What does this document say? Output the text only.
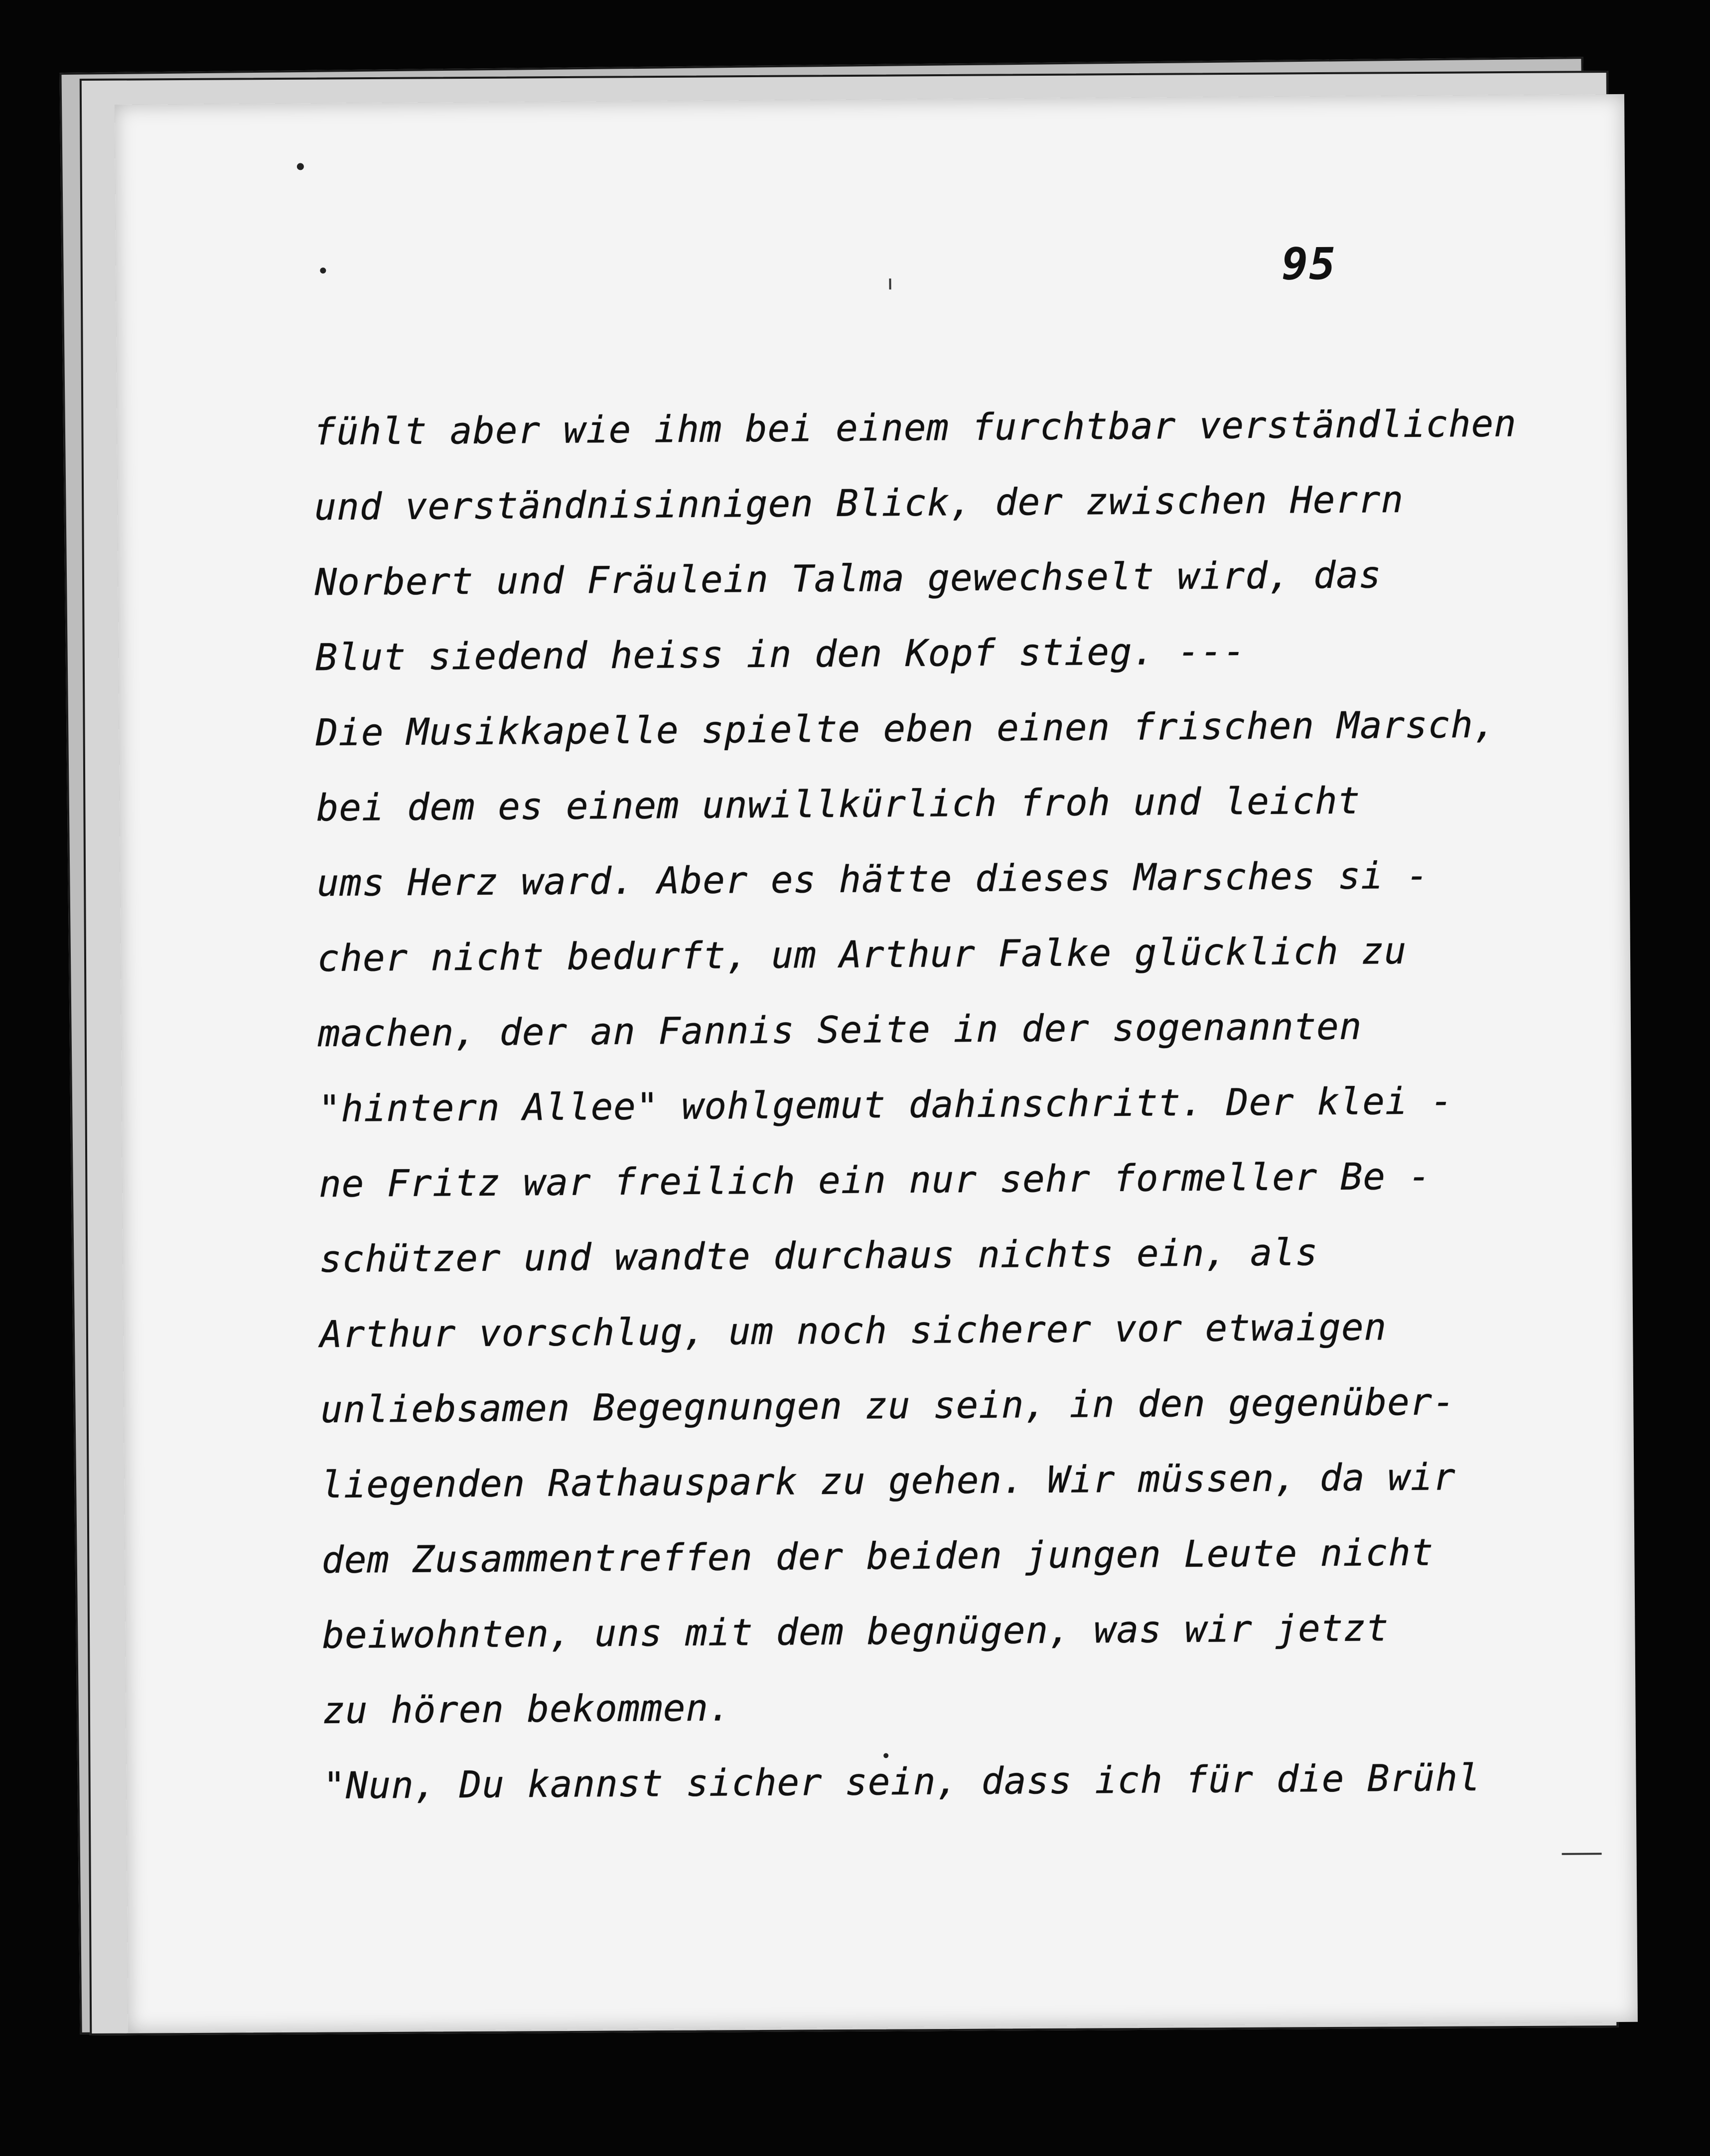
95
fühlt aber wie ihm bei einem furchtbar verständlichen
und verständnisinnigen Blick, der zwischen Herrn
Norbert und Fräulein Talma gewechselt wird, das
Blut siedend heiss in den Kopf stieg. ---
Die Musikkapelle spielte eben einen frischen Marsch,
bei dem es einem unwillkürlich froh und leicht
ums Herz ward. Aber es hätte dieses Marsches si -
cher nicht bedurft, um Arthur Falke glücklich zu
machen, der an Fannis Seite in der sogenannten
"hintern Allee" wohlgemut dahinschritt. Der klei -
ne Fritz war freilich ein nur sehr formeller Be -
schützer und wandte durchaus nichts ein, als
Arthur vorschlug, um noch sicherer vor etwaigen
unliebsamen Begegnungen zu sein, in den gegenüber-
liegenden Rathauspark zu gehen. Wir müssen, da wir
dem Zusammentreffen der beiden jungen Leute nicht
beiwohnten, uns mit dem begnügen, was wir jetzt
zu hören bekommen.
"Nun, Du kannst sicher sein, dass ich für die Brühl
